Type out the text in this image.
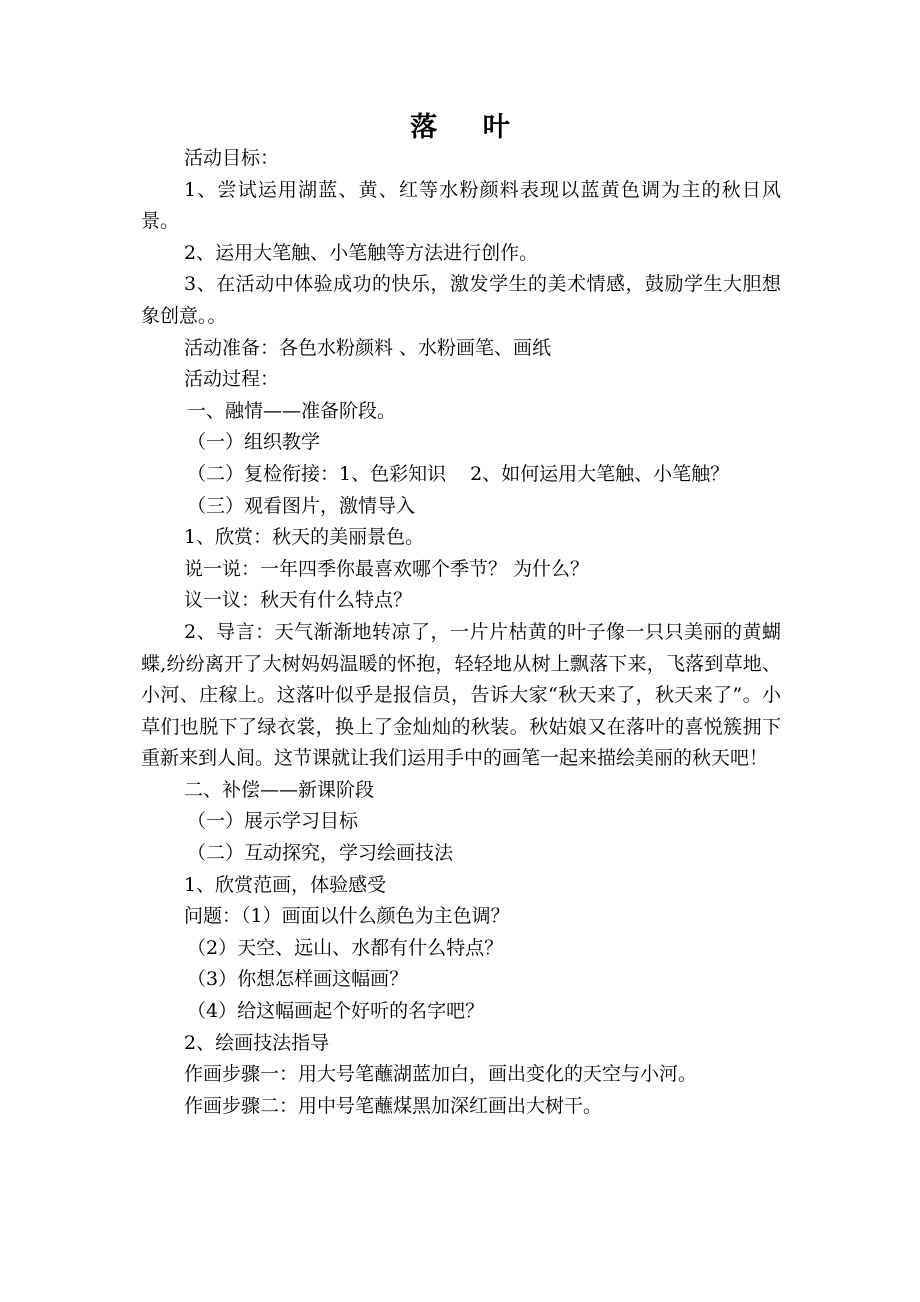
落 叶

活动目标：

1、尝试运用湖蓝、黄、红等水粉颜料表现以蓝黄色调为主的秋日风景。

2、运用大笔触、小笔触等方法进行创作。

3、在活动中体验成功的快乐，激发学生的美术情感，鼓励学生大胆想象创意。。

活动准备：各色水粉颜料 、水粉画笔、画纸

活动过程：

一、融情——准备阶段。

（一）组织教学

（二）复检衔接：1、色彩知识 2、如何运用大笔触、小笔触？

（三）观看图片，激情导入

1、欣赏：秋天的美丽景色。

说一说：一年四季你最喜欢哪个季节？ 为什么？

议一议：秋天有什么特点？

2、导言：天气渐渐地转凉了，一片片枯黄的叶子像一只只美丽的黄蝴蝶,纷纷离开了大树妈妈温暖的怀抱，轻轻地从树上飘落下来，飞落到草地、小河、庄稼上。这落叶似乎是报信员，告诉大家“秋天来了，秋天来了”。小草们也脱下了绿衣裳，换上了金灿灿的秋装。秋姑娘又在落叶的喜悦簇拥下重新来到人间。这节课就让我们运用手中的画笔一起来描绘美丽的秋天吧！

二、补偿——新课阶段

（一）展示学习目标

（二）互动探究，学习绘画技法

1、欣赏范画，体验感受

问题：（1）画面以什么颜色为主色调？

（2）天空、远山、水都有什么特点？

（3）你想怎样画这幅画？

（4）给这幅画起个好听的名字吧？

2、绘画技法指导

作画步骤一：用大号笔蘸湖蓝加白，画出变化的天空与小河。

作画步骤二：用中号笔蘸煤黑加深红画出大树干。
